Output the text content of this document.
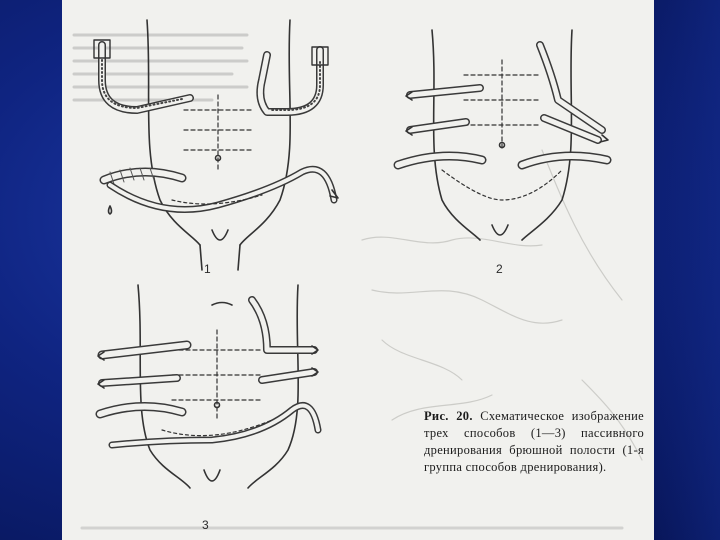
1	2
3
Рис. 20. Схематическое изображение трех способов (1—3) пассивного дренирования брюшной полости (1-я группа способов дренирования).
